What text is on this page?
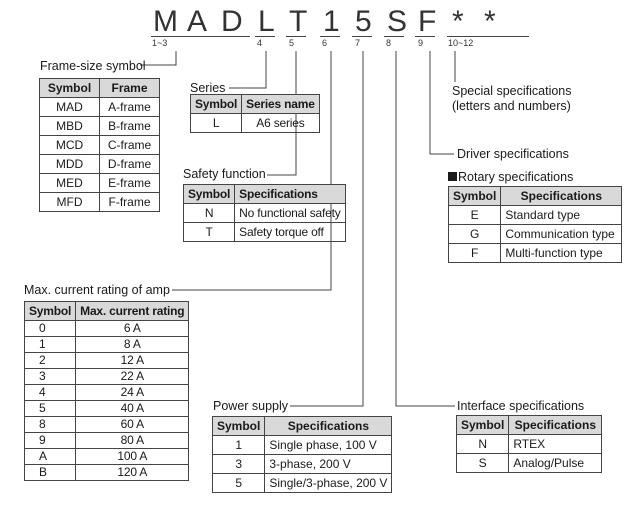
M A D L T 1 5 S F * *
1~3	4	5	6	7	8	9	10~12
Frame-size symbol
Symbol	Frame
MAD	A-frame
MBD	B-frame
MCD	C-frame
MDD	D-frame
MED	E-frame
MFD	F-frame
Series
Symbol	Series name
L	A6 series
Safety function
Symbol	Specifications
N	No functional safety
T	Safety torque off
Max. current rating of amp
Symbol	Max. current rating
0	6 A
1	8 A
2	12 A
3	22 A
4	24 A
5	40 A
8	60 A
9	80 A
A	100 A
B	120 A
Power supply
Symbol	Specifications
1	Single phase, 100 V
3	3-phase, 200 V
5	Single/3-phase, 200 V
Special specifications
(letters and numbers)
Driver specifications
Rotary specifications
Symbol	Specifications
E	Standard type
G	Communication type
F	Multi-function type
Interface specifications
Symbol	Specifications
N	RTEX
S	Analog/Pulse
